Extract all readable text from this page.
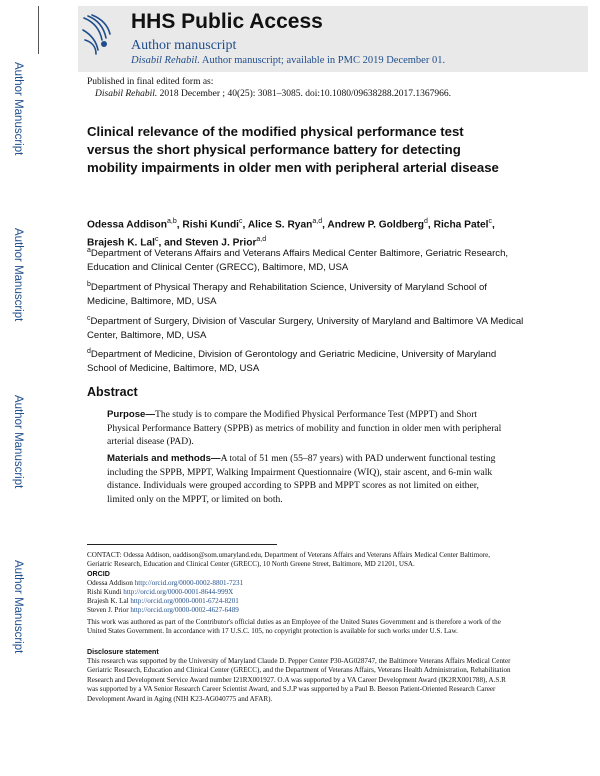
Author Manuscript
Author Manuscript
Author Manuscript
Author Manuscript
HHS Public Access
Author manuscript
Disabil Rehabil. Author manuscript; available in PMC 2019 December 01.
Published in final edited form as:
Disabil Rehabil. 2018 December ; 40(25): 3081–3085. doi:10.1080/09638288.2017.1367966.
Clinical relevance of the modified physical performance test versus the short physical performance battery for detecting mobility impairments in older men with peripheral arterial disease
Odessa Addison$^{a,b}$, Rishi Kundi$^c$, Alice S. Ryan$^{a,d}$, Andrew P. Goldberg$^d$, Richa Patel$^c$, Brajesh K. Lal$^c$, and Steven J. Prior$^{a,d}$
$^a$Department of Veterans Affairs and Veterans Affairs Medical Center Baltimore, Geriatric Research, Education and Clinical Center (GRECC), Baltimore, MD, USA
$^b$Department of Physical Therapy and Rehabilitation Science, University of Maryland School of Medicine, Baltimore, MD, USA
$^c$Department of Surgery, Division of Vascular Surgery, University of Maryland and Baltimore VA Medical Center, Baltimore, MD, USA
$^d$Department of Medicine, Division of Gerontology and Geriatric Medicine, University of Maryland School of Medicine, Baltimore, MD, USA
Abstract
Purpose—The study is to compare the Modified Physical Performance Test (MPPT) and Short Physical Performance Battery (SPPB) as metrics of mobility and function in older men with peripheral arterial disease (PAD).
Materials and methods—A total of 51 men (55–87 years) with PAD underwent functional testing including the SPPB, MPPT, Walking Impairment Questionnaire (WIQ), stair ascent, and 6-min walk distance. Individuals were grouped according to SPPB and MPPT scores as not limited on either, limited only on the MPPT, or limited on both.
CONTACT: Odessa Addison, oaddison@som.umaryland.edu, Department of Veterans Affairs and Veterans Affairs Medical Center Baltimore, Geriatric Research, Education and Clinical Center (GRECC), 10 North Greene Street, Baltimore, MD 21201, USA.
ORCID
Odessa Addison http://orcid.org/0000-0002-8801-7231
Rishi Kundi http://orcid.org/0000-0001-8644-999X
Brajesh K. Lal http://orcid.org/0000-0001-6724-8201
Steven J. Prior http://orcid.org/0000-0002-4627-6489
This work was authored as part of the Contributor's official duties as an Employee of the United States Government and is therefore a work of the United States Government. In accordance with 17 U.S.C. 105, no copyright protection is available for such works under U.S. Law.
Disclosure statement
This research was supported by the University of Maryland Claude D. Pepper Center P30-AG028747, the Baltimore Veterans Affairs Medical Center Geriatric Research, Education and Clinical Center (GRECC), and the Department of Veterans Affairs, Veterans Health Administration, Rehabilitation Research and Development Service Award number I21RX001927. O.A was supported by a VA Career Development Award (IK2RX001788), A.S.R was supported by a VA Senior Research Career Scientist Award, and S.J.P was supported by a Paul B. Beeson Patient-Oriented Research Career Development Award in Aging (NIH K23-AG040775 and AFAR).
